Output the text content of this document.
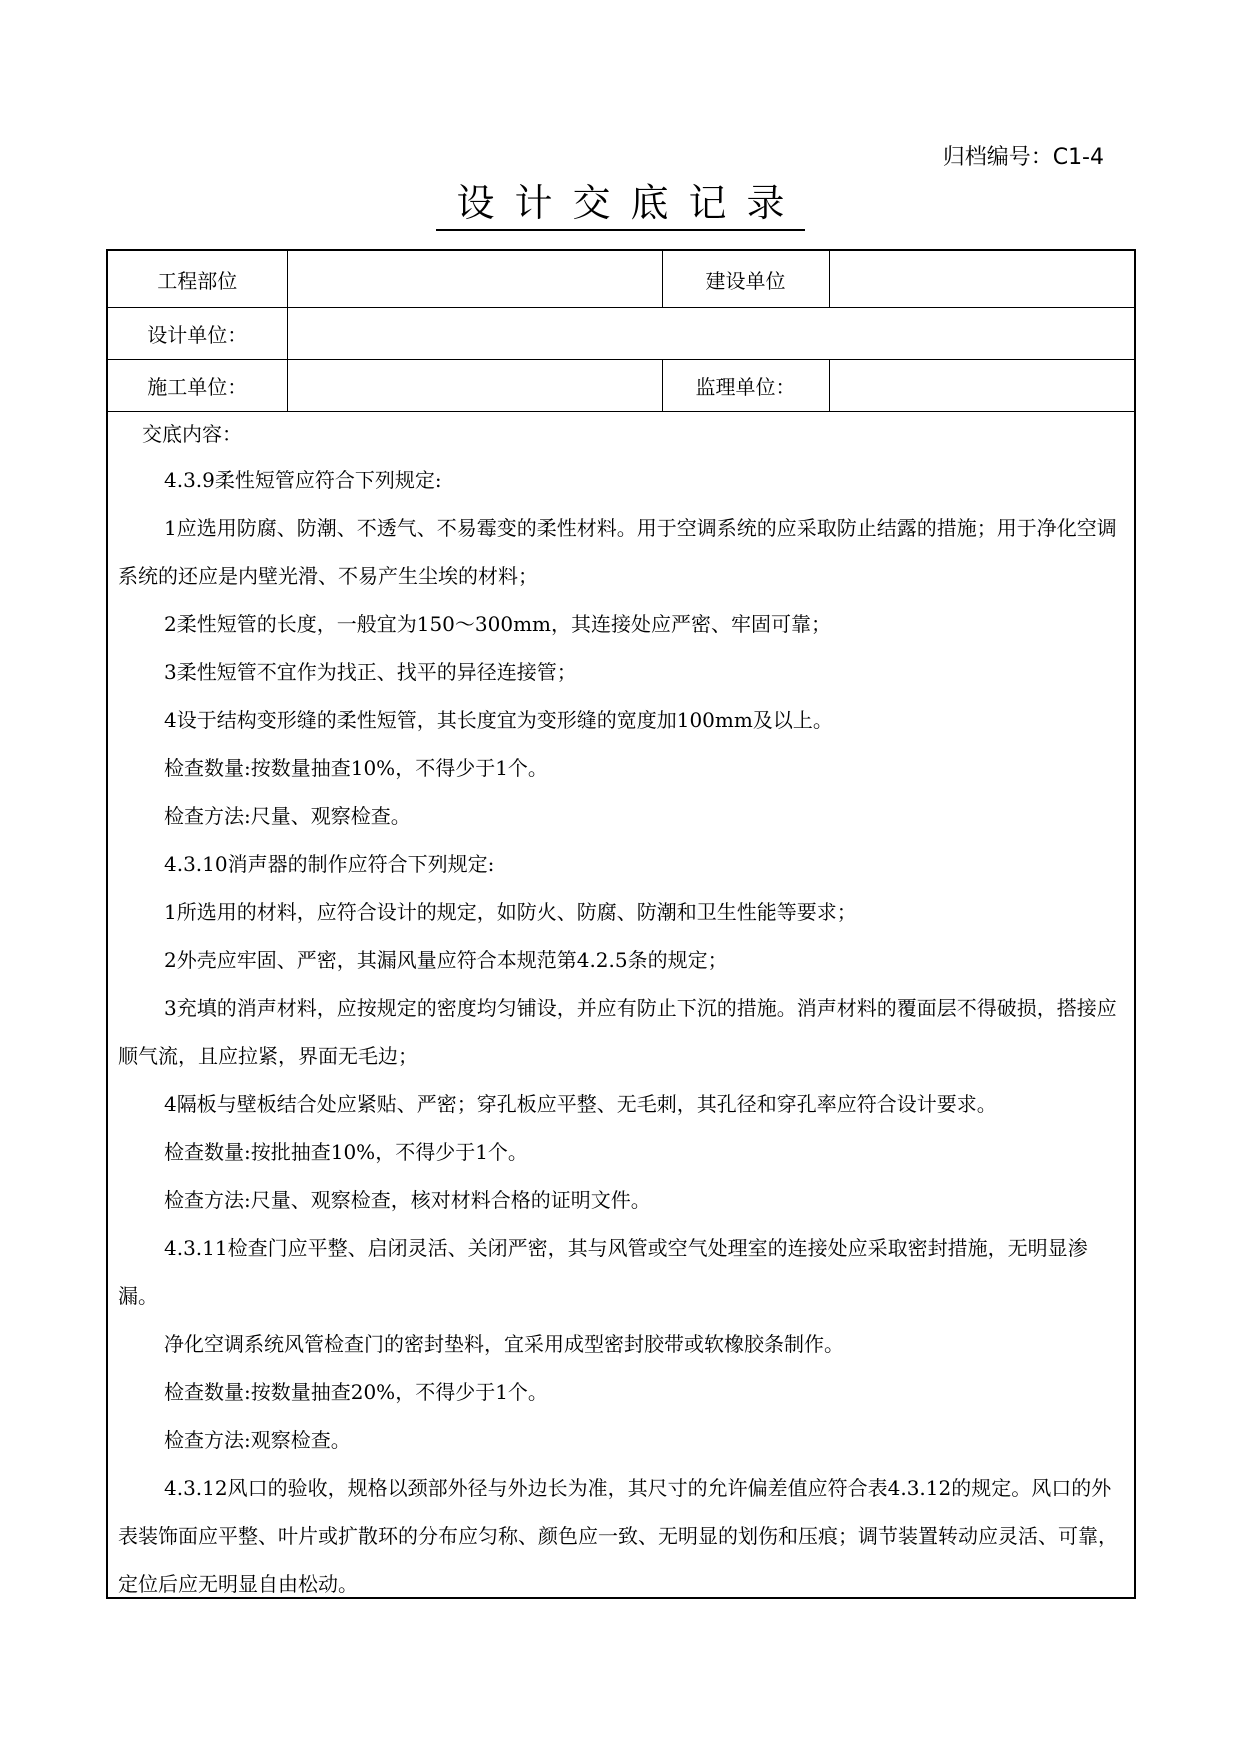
归档编号：C1-4
设计交底记录
工程部位		建设单位	
设计单位：			
施工单位：		监理单位：	

交底内容：

4.3.9柔性短管应符合下列规定:

1应选用防腐、防潮、不透气、不易霉变的柔性材料。用于空调系统的应采取防止结露的措施；用于净化空调系统的还应是内壁光滑、不易产生尘埃的材料；

2柔性短管的长度，一般宜为150～300mm，其连接处应严密、牢固可靠；

3柔性短管不宜作为找正、找平的异径连接管；

4设于结构变形缝的柔性短管，其长度宜为变形缝的宽度加100mm及以上。

检查数量:按数量抽查10%，不得少于1个。

检查方法:尺量、观察检查。

4.3.10消声器的制作应符合下列规定:

1所选用的材料，应符合设计的规定，如防火、防腐、防潮和卫生性能等要求；

2外壳应牢固、严密，其漏风量应符合本规范第4.2.5条的规定；

3充填的消声材料，应按规定的密度均匀铺设，并应有防止下沉的措施。消声材料的覆面层不得破损，搭接应顺气流，且应拉紧，界面无毛边；

4隔板与壁板结合处应紧贴、严密；穿孔板应平整、无毛刺，其孔径和穿孔率应符合设计要求。

检查数量:按批抽查10%，不得少于1个。

检查方法:尺量、观察检查，核对材料合格的证明文件。

4.3.11检查门应平整、启闭灵活、关闭严密，其与风管或空气处理室的连接处应采取密封措施，无明显渗漏。

净化空调系统风管检查门的密封垫料，宜采用成型密封胶带或软橡胶条制作。

检查数量:按数量抽查20%，不得少于1个。

检查方法:观察检查。

4.3.12风口的验收，规格以颈部外径与外边长为准，其尺寸的允许偏差值应符合表4.3.12的规定。风口的外表装饰面应平整、叶片或扩散环的分布应匀称、颜色应一致、无明显的划伤和压痕；调节装置转动应灵活、可靠，定位后应无明显自由松动。
